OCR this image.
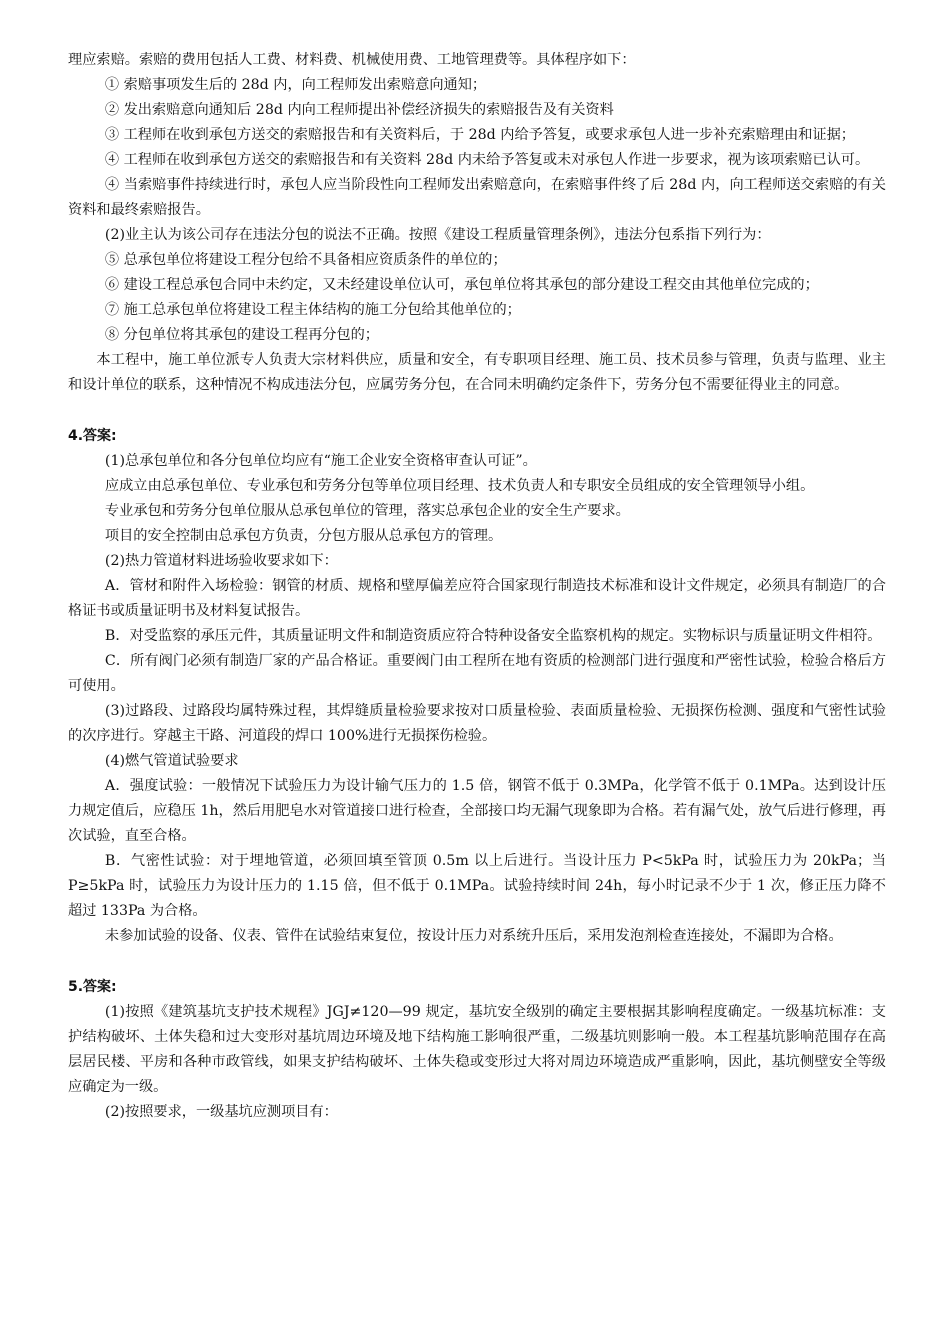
理应索赔。索赔的费用包括人工费、材料费、机械使用费、工地管理费等。具体程序如下：

① 索赔事项发生后的 28d 内，向工程师发出索赔意向通知；

② 发出索赔意向通知后 28d 内向工程师提出补偿经济损失的索赔报告及有关资料

③ 工程师在收到承包方送交的索赔报告和有关资料后，于 28d 内给予答复，或要求承包人进一步补充索赔理由和证据；

④ 工程师在收到承包方送交的索赔报告和有关资料 28d 内未给予答复或未对承包人作进一步要求，视为该项索赔已认可。

④ 当索赔事件持续进行时，承包人应当阶段性向工程师发出索赔意向，在索赔事件终了后 28d 内，向工程师送交索赔的有关资料和最终索赔报告。

(2)业主认为该公司存在违法分包的说法不正确。按照《建设工程质量管理条例》，违法分包系指下列行为：

⑤ 总承包单位将建设工程分包给不具备相应资质条件的单位的；

⑥ 建设工程总承包合同中未约定，又未经建设单位认可，承包单位将其承包的部分建设工程交由其他单位完成的；

⑦ 施工总承包单位将建设工程主体结构的施工分包给其他单位的；

⑧ 分包单位将其承包的建设工程再分包的；

本工程中，施工单位派专人负责大宗材料供应，质量和安全，有专职项目经理、施工员、技术员参与管理，负责与监理、业主和设计单位的联系，这种情况不构成违法分包，应属劳务分包，在合同未明确约定条件下，劳务分包不需要征得业主的同意。

4.答案:

(1)总承包单位和各分包单位均应有“施工企业安全资格审查认可证”。

应成立由总承包单位、专业承包和劳务分包等单位项目经理、技术负责人和专职安全员组成的安全管理领导小组。

专业承包和劳务分包单位服从总承包单位的管理，落实总承包企业的安全生产要求。

项目的安全控制由总承包方负责，分包方服从总承包方的管理。

(2)热力管道材料进场验收要求如下：

A．管材和附件入场检验：钢管的材质、规格和壁厚偏差应符合国家现行制造技术标准和设计文件规定，必须具有制造厂的合格证书或质量证明书及材料复试报告。

B．对受监察的承压元件，其质量证明文件和制造资质应符合特种设备安全监察机构的规定。实物标识与质量证明文件相符。

C．所有阀门必须有制造厂家的产品合格证。重要阀门由工程所在地有资质的检测部门进行强度和严密性试验，检验合格后方可使用。

(3)过路段、过路段均属特殊过程，其焊缝质量检验要求按对口质量检验、表面质量检验、无损探伤检测、强度和气密性试验的次序进行。穿越主干路、河道段的焊口 100%进行无损探伤检验。

(4)燃气管道试验要求

A．强度试验：一般情况下试验压力为设计输气压力的 1.5 倍，钢管不低于 0.3MPa，化学管不低于 0.1MPa。达到设计压力规定值后，应稳压 1h，然后用肥皂水对管道接口进行检查，全部接口均无漏气现象即为合格。若有漏气处，放气后进行修理，再次试验，直至合格。

B．气密性试验：对于埋地管道，必须回填至管顶 0.5m 以上后进行。当设计压力 P<5kPa 时，试验压力为 20kPa；当 P≥5kPa 时，试验压力为设计压力的 1.15 倍，但不低于 0.1MPa。试验持续时间 24h，每小时记录不少于 1 次，修正压力降不超过 133Pa 为合格。

未参加试验的设备、仪表、管件在试验结束复位，按设计压力对系统升压后，采用发泡剂检查连接处，不漏即为合格。

5.答案:

(1)按照《建筑基坑支护技术规程》JGJ≠120—99 规定，基坑安全级别的确定主要根据其影响程度确定。一级基坑标准：支护结构破坏、土体失稳和过大变形对基坑周边环境及地下结构施工影响很严重，二级基坑则影响一般。本工程基坑影响范围存在高层居民楼、平房和各种市政管线，如果支护结构破坏、土体失稳或变形过大将对周边环境造成严重影响，因此，基坑侧壁安全等级应确定为一级。

(2)按照要求，一级基坑应测项目有：
